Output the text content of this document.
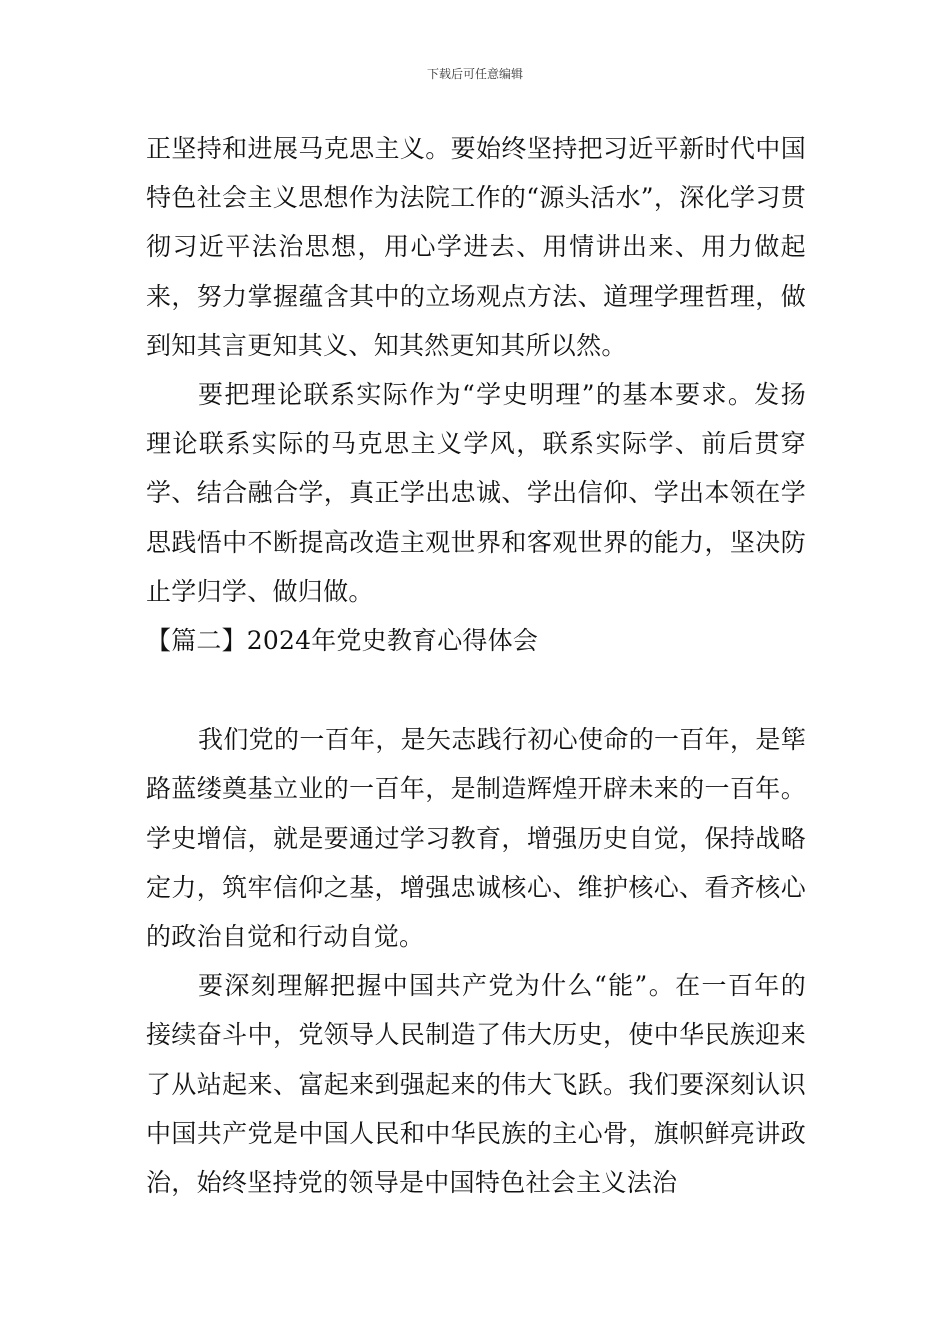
下载后可任意编辑

正坚持和进展马克思主义。要始终坚持把习近平新时代中国特色社会主义思想作为法院工作的“源头活水”，深化学习贯彻习近平法治思想，用心学进去、用情讲出来、用力做起来，努力掌握蕴含其中的立场观点方法、道理学理哲理，做到知其言更知其义、知其然更知其所以然。

要把理论联系实际作为“学史明理”的基本要求。发扬理论联系实际的马克思主义学风，联系实际学、前后贯穿学、结合融合学，真正学出忠诚、学出信仰、学出本领在学思践悟中不断提高改造主观世界和客观世界的能力，坚决防止学归学、做归做。

【篇二】2024年党史教育心得体会

我们党的一百年，是矢志践行初心使命的一百年，是筚路蓝缕奠基立业的一百年，是制造辉煌开辟未来的一百年。学史增信，就是要通过学习教育，增强历史自觉，保持战略定力，筑牢信仰之基，增强忠诚核心、维护核心、看齐核心的政治自觉和行动自觉。

要深刻理解把握中国共产党为什么“能”。在一百年的接续奋斗中，党领导人民制造了伟大历史，使中华民族迎来了从站起来、富起来到强起来的伟大飞跃。我们要深刻认识中国共产党是中国人民和中华民族的主心骨，旗帜鲜亮讲政治，始终坚持党的领导是中国特色社会主义法治
